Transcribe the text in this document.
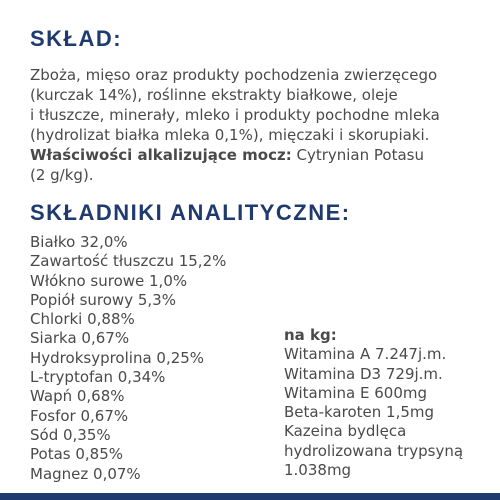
SKŁAD:
Zboża, mięso oraz produkty pochodzenia zwierzęcego
(kurczak 14%), roślinne ekstrakty białkowe, oleje
i tłuszcze, minerały, mleko i produkty pochodne mleka
(hydrolizat białka mleka 0,1%), mięczaki i skorupiaki.
Właściwości alkalizujące mocz: Cytrynian Potasu
(2 g/kg).
SKŁADNIKI ANALITYCZNE:
Białko 32,0%
Zawartość tłuszczu 15,2%
Włókno surowe 1,0%
Popiół surowy 5,3%
Chlorki 0,88%
Siarka 0,67%
Hydroksyprolina 0,25%
L-tryptofan 0,34%
Wapń 0,68%
Fosfor 0,67%
Sód 0,35%
Potas 0,85%
Magnez 0,07%
na kg:
Witamina A 7.247j.m.
Witamina D3 729j.m.
Witamina E 600mg
Beta-karoten 1,5mg
Kazeina bydlęca
hydrolizowana trypsyną
1.038mg
